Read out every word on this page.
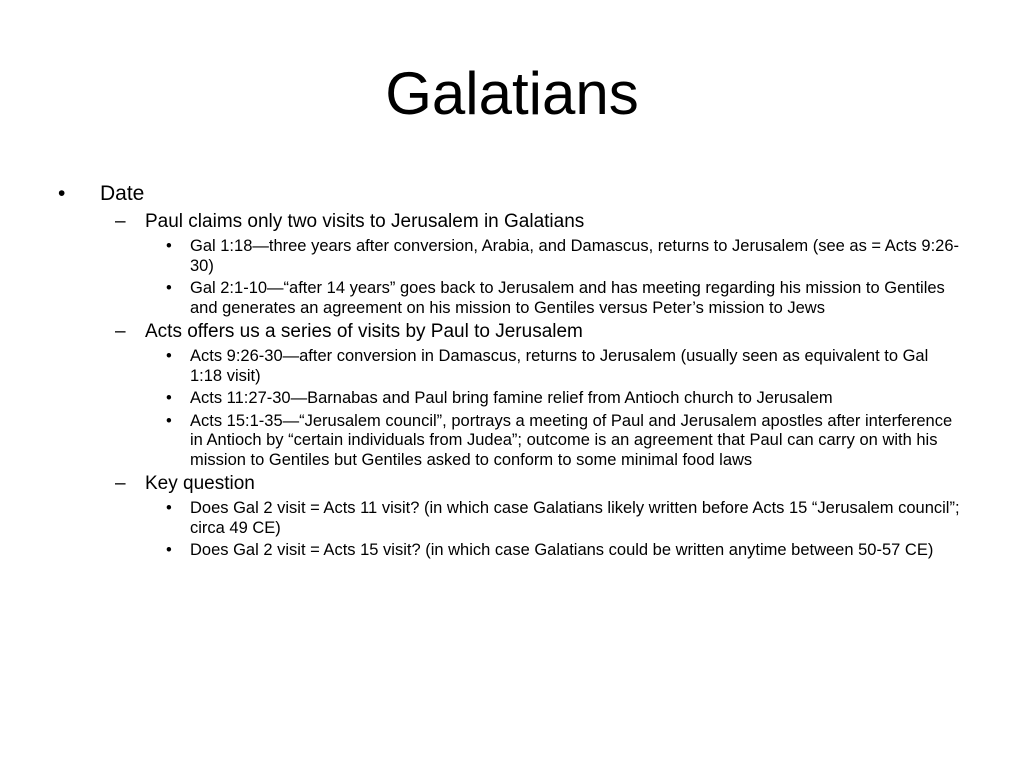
Galatians
• Date
– Paul claims only two visits to Jerusalem in Galatians
• Gal 1:18—three years after conversion, Arabia, and Damascus, returns to Jerusalem (see as = Acts 9:26-30)
• Gal 2:1-10—“after 14 years” goes back to Jerusalem and has meeting regarding his mission to Gentiles and generates an agreement on his mission to Gentiles versus Peter’s mission to Jews
– Acts offers us a series of visits by Paul to Jerusalem
• Acts 9:26-30—after conversion in Damascus, returns to Jerusalem (usually seen as equivalent to Gal 1:18 visit)
• Acts 11:27-30—Barnabas and Paul bring famine relief from Antioch church to Jerusalem
• Acts 15:1-35—“Jerusalem council”, portrays a meeting of Paul and Jerusalem apostles after interference in Antioch by “certain individuals from Judea”; outcome is an agreement that Paul can carry on with his mission to Gentiles but Gentiles asked to conform to some minimal food laws
– Key question
• Does Gal 2 visit = Acts 11 visit? (in which case Galatians likely written before Acts 15 “Jerusalem council”; circa 49 CE)
• Does Gal 2 visit = Acts 15 visit? (in which case Galatians could be written anytime between 50-57 CE)
